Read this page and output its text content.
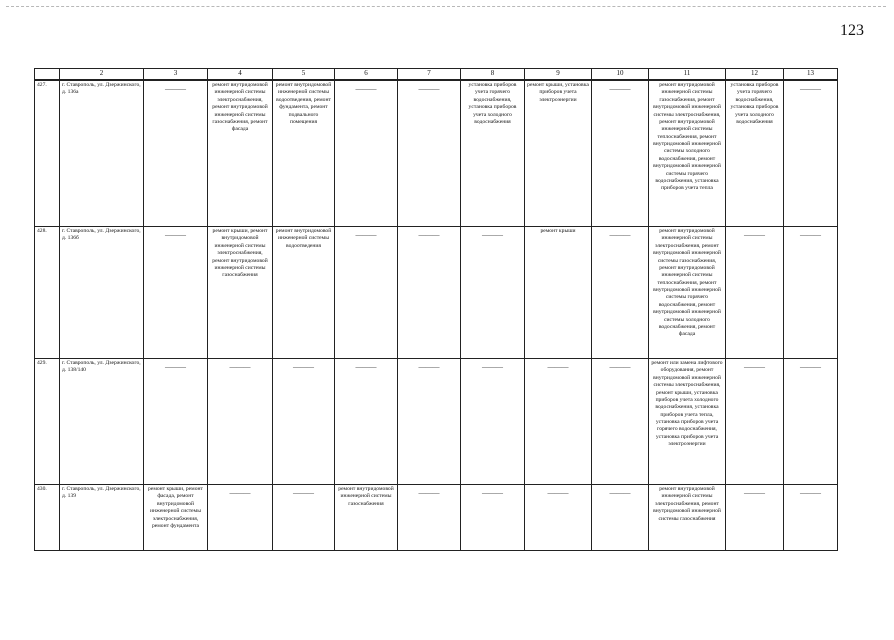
123
	2	3	4	5	6	7	8	9	10	11	12	13
427.	г. Ставрополь, ул. Дзержинского, д. 136а	———	ремонт внутридомовой инженерной системы электроснабжения, ремонт внутридомовой инженерной системы газоснабжения, ремонт фасада	ремонт внутридомовой инженерной системы водоотведения, ремонт фундамента, ремонт подвального помещения	———	———	установка приборов учета горячего водоснабжения, установка приборов учета холодного водоснабжения	ремонт крыши, установка приборов учета электроэнергии	———	ремонт внутридомовой инженерной системы газоснабжения, ремонт внутридомовой инженерной системы электроснабжения, ремонт внутридомовой инженерной системы теплоснабжения, ремонт внутридомовой инженерной системы холодного водоснабжения, ремонт внутридомовой инженерной системы горячего водоснабжения, установка приборов учета тепла	установка приборов учета горячего водоснабжения, установка приборов учета холодного водоснабжения	———
428.	г. Ставрополь, ул. Дзержинского, д. 136б	———	ремонт крыши, ремонт внутридомовой инженерной системы электроснабжения, ремонт внутридомовой инженерной системы газоснабжения	ремонт внутридомовой инженерной системы водоотведения	———	———	———	ремонт крыши	———	ремонт внутридомовой инженерной системы электроснабжения, ремонт внутридомовой инженерной системы газоснабжения, ремонт внутридомовой инженерной системы теплоснабжения, ремонт внутридомовой инженерной системы горячего водоснабжения, ремонт внутридомовой инженерной системы холодного водоснабжения, ремонт фасада	———	———
429.	г. Ставрополь, ул. Дзержинского, д. 138/140	———	———	———	———	———	———	———	———	ремонт или замена лифтового оборудования, ремонт внутридомовой инженерной системы электроснабжения, ремонт крыши, установка приборов учета холодного водоснабжения, установка приборов учета тепла, установка приборов учета горячего водоснабжения, установка приборов учета электроэнергии	———	———
430.	г. Ставрополь, ул. Дзержинского, д. 139	ремонт крыши, ремонт фасада, ремонт внутридомовой инженерной системы электроснабжения, ремонт фундамента	———	———	ремонт внутридомовой инженерной системы газоснабжения	———	———	———	———	ремонт внутридомовой инженерной системы электроснабжения, ремонт внутридомовой инженерной системы газоснабжения	———	———
